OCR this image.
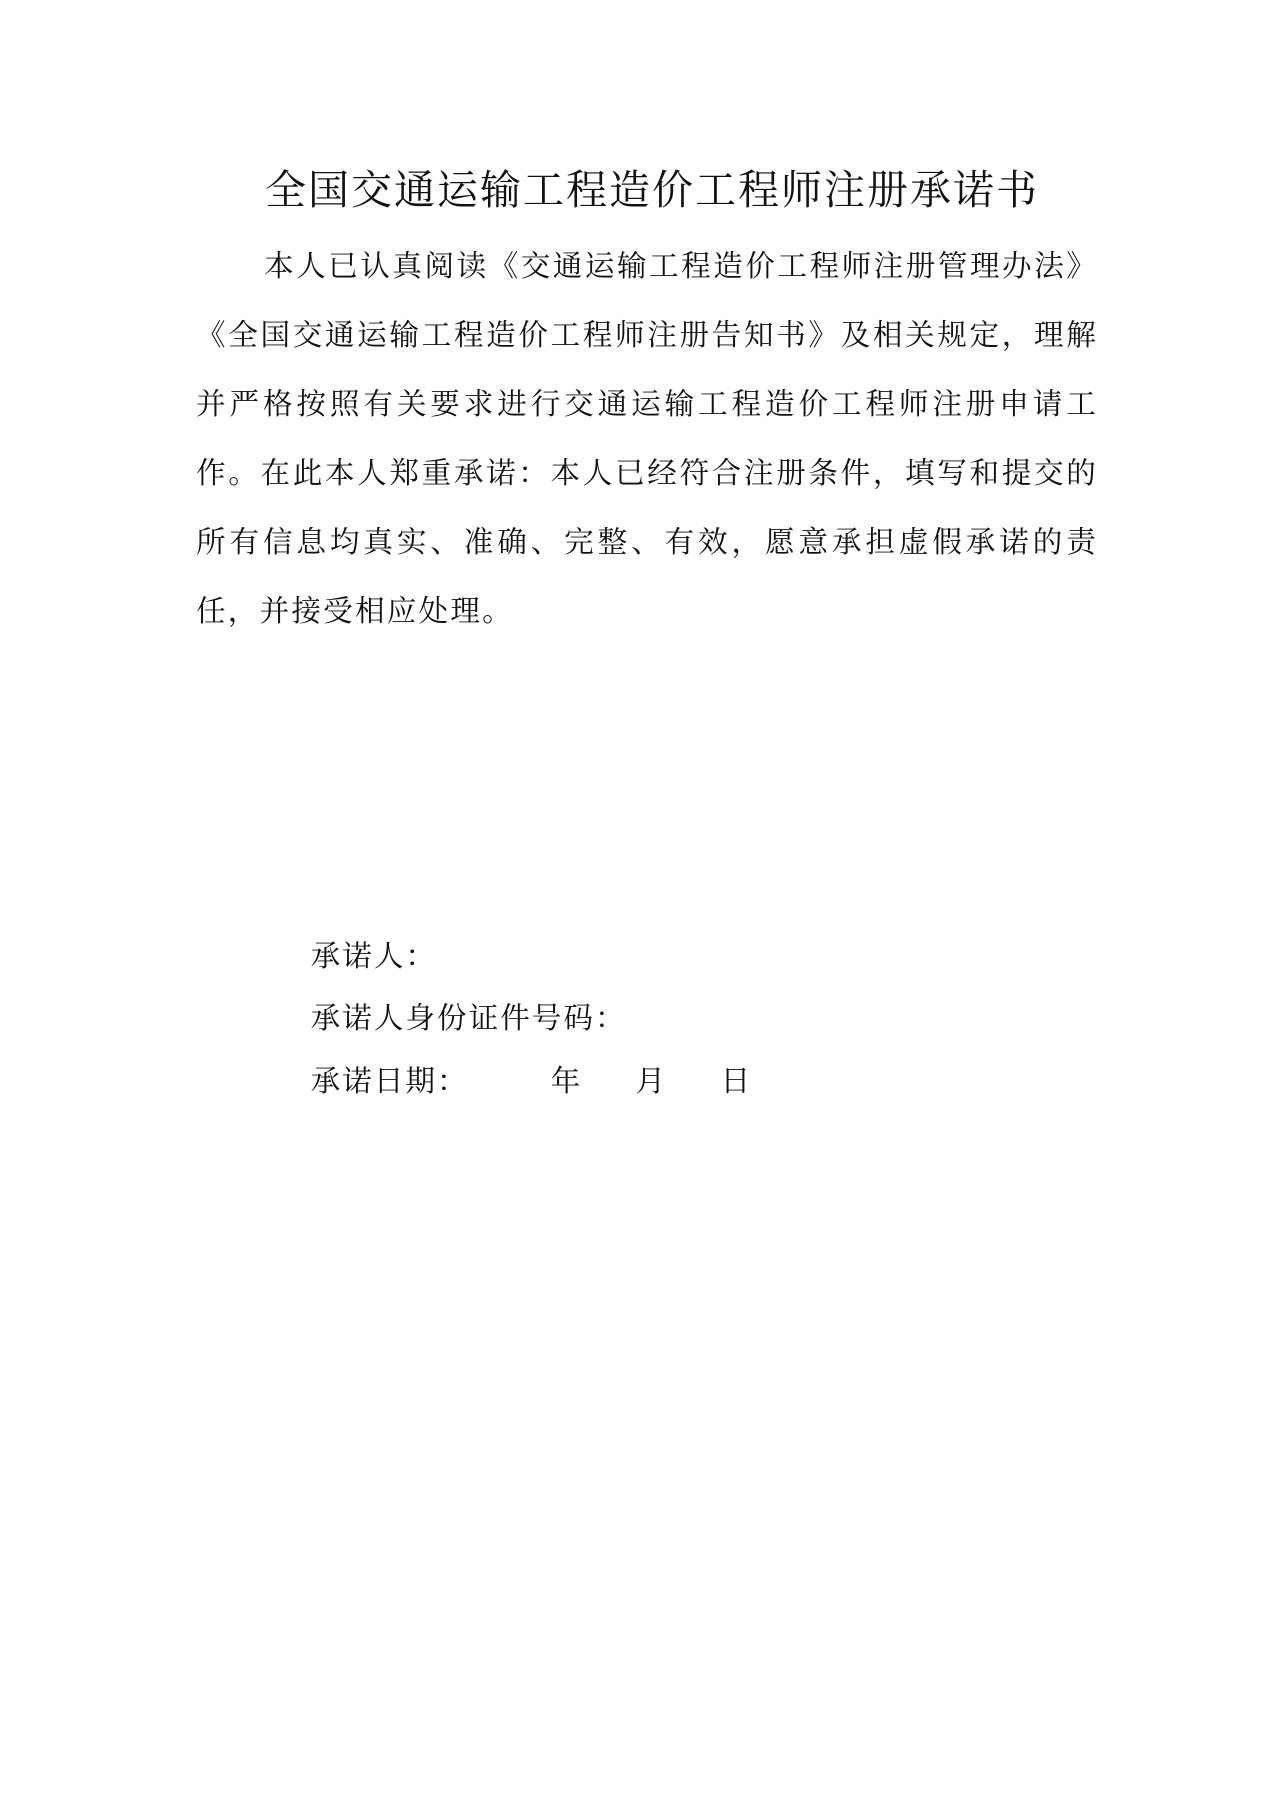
全国交通运输工程造价工程师注册承诺书

本人已认真阅读《交通运输工程造价工程师注册管理办法》《全国交通运输工程造价工程师注册告知书》及相关规定，理解并严格按照有关要求进行交通运输工程造价工程师注册申请工作。在此本人郑重承诺：本人已经符合注册条件，填写和提交的所有信息均真实、准确、完整、有效，愿意承担虚假承诺的责任，并接受相应处理。

承诺人：

承诺人身份证件号码：

承诺日期：	年 月 日
